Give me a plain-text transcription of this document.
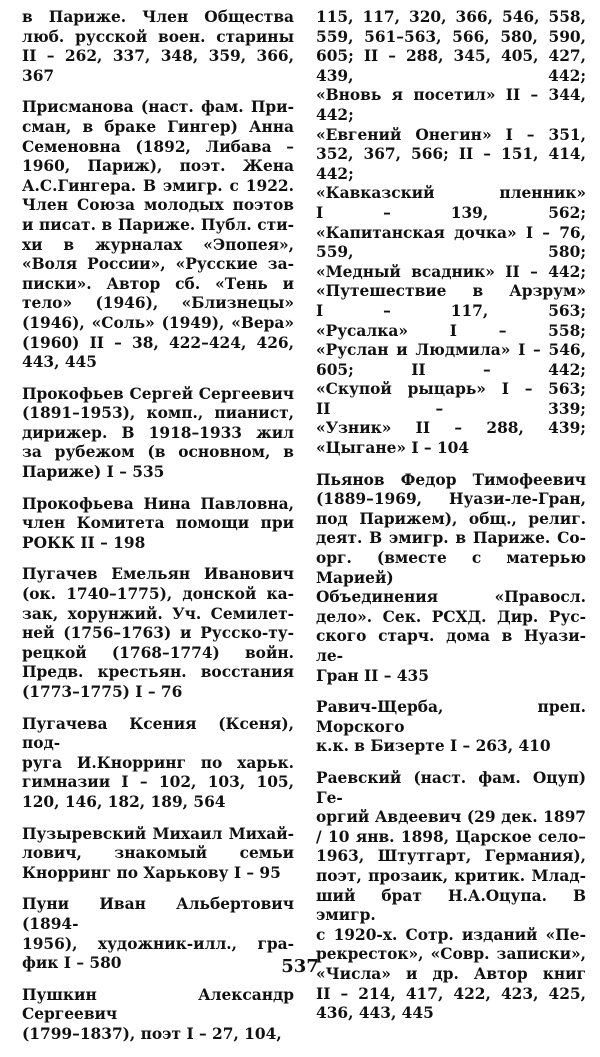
в Париже. Член Общества
люб. русской воен. старины
II – 262, 337, 348, 359, 366,
367
Присманова (наст. фам. При-
сман, в браке Гингер) Анна
Семеновна (1892, Либава –
1960, Париж), поэт. Жена
А.С.Гингера. В эмигр. с 1922.
Член Союза молодых поэтов
и писат. в Париже. Публ. сти-
хи в журналах «Эпопея»,
«Воля России», «Русские за-
писки». Автор сб. «Тень и
тело» (1946), «Близнецы»
(1946), «Соль» (1949), «Вера»
(1960) II – 38, 422–424, 426,
443, 445
Прокофьев Сергей Сергеевич
(1891–1953), комп., пианист,
дирижер. В 1918–1933 жил
за рубежом (в основном, в
Париже) I – 535
Прокофьева Нина Павловна,
член Комитета помощи при
РОКК II – 198
Пугачев Емельян Иванович
(ок. 1740–1775), донской ка-
зак, хорунжий. Уч. Семилет-
ней (1756–1763) и Русско-ту-
рецкой (1768–1774) войн.
Предв. крестьян. восстания
(1773–1775) I – 76
Пугачева Ксения (Ксеня), под-
руга И.Кнорринг по харьк.
гимназии I – 102, 103, 105,
120, 146, 182, 189, 564
Пузыревский Михаил Михай-
лович, знакомый семьи
Кнорринг по Харькову I – 95
Пуни Иван Альбертович (1894-
1956), художник-илл., гра-
фик I – 580
Пушкин Александр Сергеевич
(1799–1837), поэт I – 27, 104,
115, 117, 320, 366, 546, 558,
559, 561–563, 566, 580, 590,
605; II – 288, 345, 405, 427,
439, 442;
«Вновь я посетил» II – 344,
442;
«Евгений Онегин» I – 351,
352, 367, 566; II – 151, 414,
442;
«Кавказский пленник»
I – 139, 562;
«Капитанская дочка» I – 76,
559, 580;
«Медный всадник» II – 442;
«Путешествие в Арзрум»
I – 117, 563;
«Русалка» I – 558;
«Руслан и Людмила» I – 546,
605; II – 442;
«Скупой рыцарь» I – 563;
II – 339;
«Узник» II – 288, 439;
«Цыгане» I – 104
Пьянов Федор Тимофеевич
(1889–1969, Нуази-ле-Гран,
под Парижем), общ., религ.
деят. В эмигр. в Париже. Со-
орг. (вместе с матерью Марией)
Объединения «Правосл.
дело». Сек. РСХД. Дир. Рус-
ского старч. дома в Нуази-ле-
Гран II – 435
Равич-Щерба, преп. Морского
к.к. в Бизерте I – 263, 410
Раевский (наст. фам. Оцуп) Ге-
оргий Авдеевич (29 дек. 1897
/ 10 янв. 1898, Царское село–
1963, Штутгарт, Германия),
поэт, прозаик, критик. Млад-
ший брат Н.А.Оцупа. В эмигр.
с 1920-х. Сотр. изданий «Пе-
рекресток», «Совр. записки»,
«Числа» и др. Автор книг
II – 214, 417, 422, 423, 425,
436, 443, 445
537
